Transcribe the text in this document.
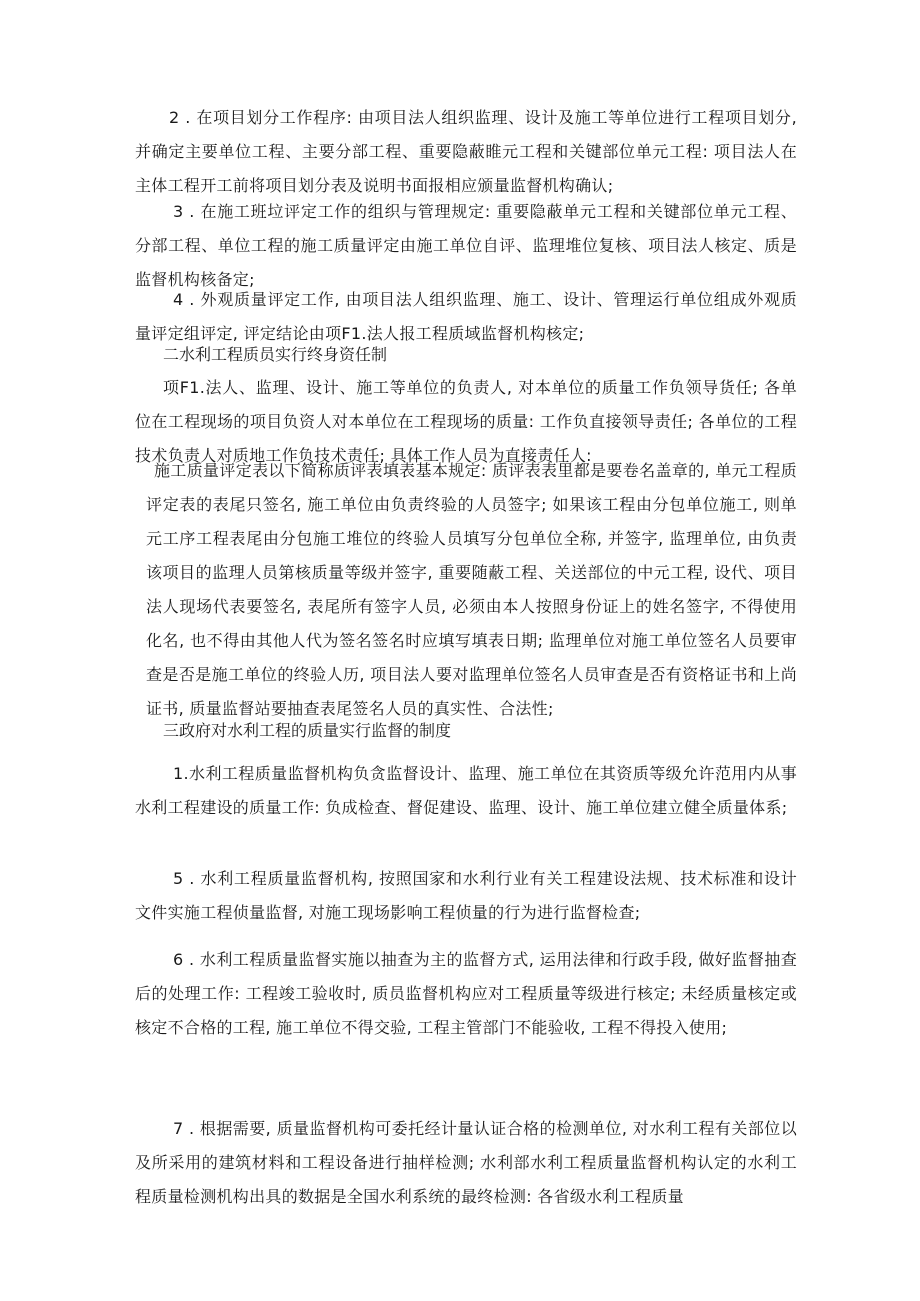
2 . 在项目划分工作程序: 由项目法人组织监理、设计及施工等单位进行工程项目划分, 并确定主要单位工程、主要分部工程、重要隐蔽睢元工程和关键部位单元工程: 项目法人在主体工程开工前将项目划分表及说明书面报相应颁量监督机构确认;

3 . 在施工班垃评定工作的组织与管理规定: 重要隐蔽单元工程和关键部位单元工程、分部工程、单位工程的施工质量评定由施工单位自评、监理堆位复核、项目法人核定、质是监督机构核备定;

4 . 外观质量评定工作, 由项目法人组织监理、施工、设计、管理运行单位组成外观质量评定组评定, 评定结论由项F1.法人报工程质域监督机构核定;

二水利工程质员实行终身资任制

项F1.法人、监理、设计、施工等单位的负责人, 对本单位的质量工作负领导货任; 各单位在工程现场的项目负资人对本单位在工程现场的质量: 工作负直接领导责任; 各单位的工程技术负责人对质地工作负技术责任; 具体工作人员为直接责任人:

施工质量评定表以下简称质评表填表基本规定: 质评表表里都是要卷名盖章的, 单元工程质评定表的表尾只签名, 施工单位由负责终验的人员签字; 如果该工程由分包单位施工, 则单元工序工程表尾由分包施工堆位的终验人员填写分包单位全称, 并签字, 监理单位, 由负责该项目的监理人员第核质量等级并签字, 重要随蔽工程、关送部位的中元工程, 设代、项目法人现场代表要签名, 表尾所有签字人员, 必须由本人按照身份证上的姓名签字, 不得使用化名, 也不得由其他人代为签名签名时应填写填表日期; 监理单位对施工单位签名人员要审查是否是施工单位的终验人历, 项目法人要对监理单位签名人员审查是否有资格证书和上尚证书, 质量监督站要抽查表尾签名人员的真实性、合法性;

三政府对水利工程的质量实行监督的制度

1.水利工程质量监督机构负贪监督设计、监理、施工单位在其资质等级允许范用内从事水利工程建设的质量工作: 负成检查、督促建设、监理、设计、施工单位建立健全质量体系;

5 . 水利工程质量监督机构, 按照国家和水利行业有关工程建设法规、技术标准和设计文件实施工程侦量监督, 对施工现场影响工程侦量的行为进行监督检查;

6 . 水利工程质量监督实施以抽查为主的监督方式, 运用法律和行政手段, 做好监督抽查后的处理工作: 工程竣工验收时, 质员监督机构应对工程质量等级进行核定; 未经质量核定或核定不合格的工程, 施工单位不得交验, 工程主管部门不能验收, 工程不得投入使用;

7 . 根据需要, 质量监督机构可委托经计量认证合格的检测单位, 对水利工程有关部位以及所采用的建筑材料和工程设备进行抽样检测; 水利部水利工程质量监督机构认定的水利工程质量检测机构出具的数据是全国水利系统的最终检测: 各省级水利工程质量
